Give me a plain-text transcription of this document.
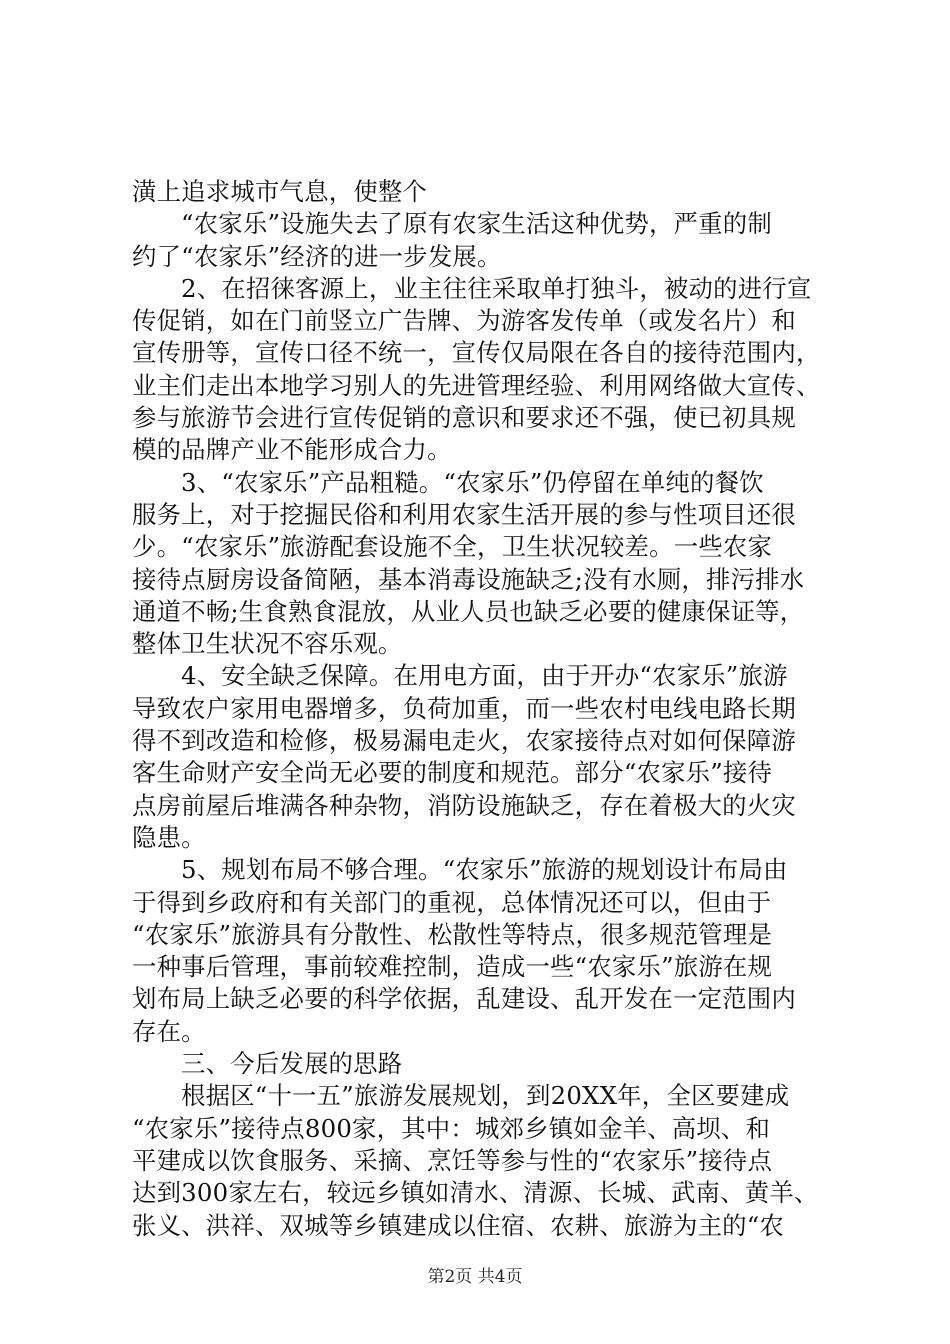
潢上追求城市气息，使整个
“农家乐”设施失去了原有农家生活这种优势，严重的制
约了“农家乐”经济的进一步发展。
2、在招徕客源上，业主往往采取单打独斗，被动的进行宣
传促销，如在门前竖立广告牌、为游客发传单（或发名片）和
宣传册等，宣传口径不统一，宣传仅局限在各自的接待范围内，
业主们走出本地学习别人的先进管理经验、利用网络做大宣传、
参与旅游节会进行宣传促销的意识和要求还不强，使已初具规
模的品牌产业不能形成合力。
3、“农家乐”产品粗糙。“农家乐”仍停留在单纯的餐饮
服务上，对于挖掘民俗和利用农家生活开展的参与性项目还很
少。“农家乐”旅游配套设施不全，卫生状况较差。一些农家
接待点厨房设备简陋，基本消毒设施缺乏;没有水厕，排污排水
通道不畅;生食熟食混放，从业人员也缺乏必要的健康保证等，
整体卫生状况不容乐观。
4、安全缺乏保障。在用电方面，由于开办“农家乐”旅游
导致农户家用电器增多，负荷加重，而一些农村电线电路长期
得不到改造和检修，极易漏电走火，农家接待点对如何保障游
客生命财产安全尚无必要的制度和规范。部分“农家乐”接待
点房前屋后堆满各种杂物，消防设施缺乏，存在着极大的火灾
隐患。
5、规划布局不够合理。“农家乐”旅游的规划设计布局由
于得到乡政府和有关部门的重视，总体情况还可以，但由于
“农家乐”旅游具有分散性、松散性等特点，很多规范管理是
一种事后管理，事前较难控制，造成一些“农家乐”旅游在规
划布局上缺乏必要的科学依据，乱建设、乱开发在一定范围内
存在。
三、今后发展的思路
根据区“十一五”旅游发展规划，到20XX年，全区要建成
“农家乐”接待点800家，其中：城郊乡镇如金羊、高坝、和
平建成以饮食服务、采摘、烹饪等参与性的“农家乐”接待点
达到300家左右，较远乡镇如清水、清源、长城、武南、黄羊、
张义、洪祥、双城等乡镇建成以住宿、农耕、旅游为主的“农
第2页 共4页
